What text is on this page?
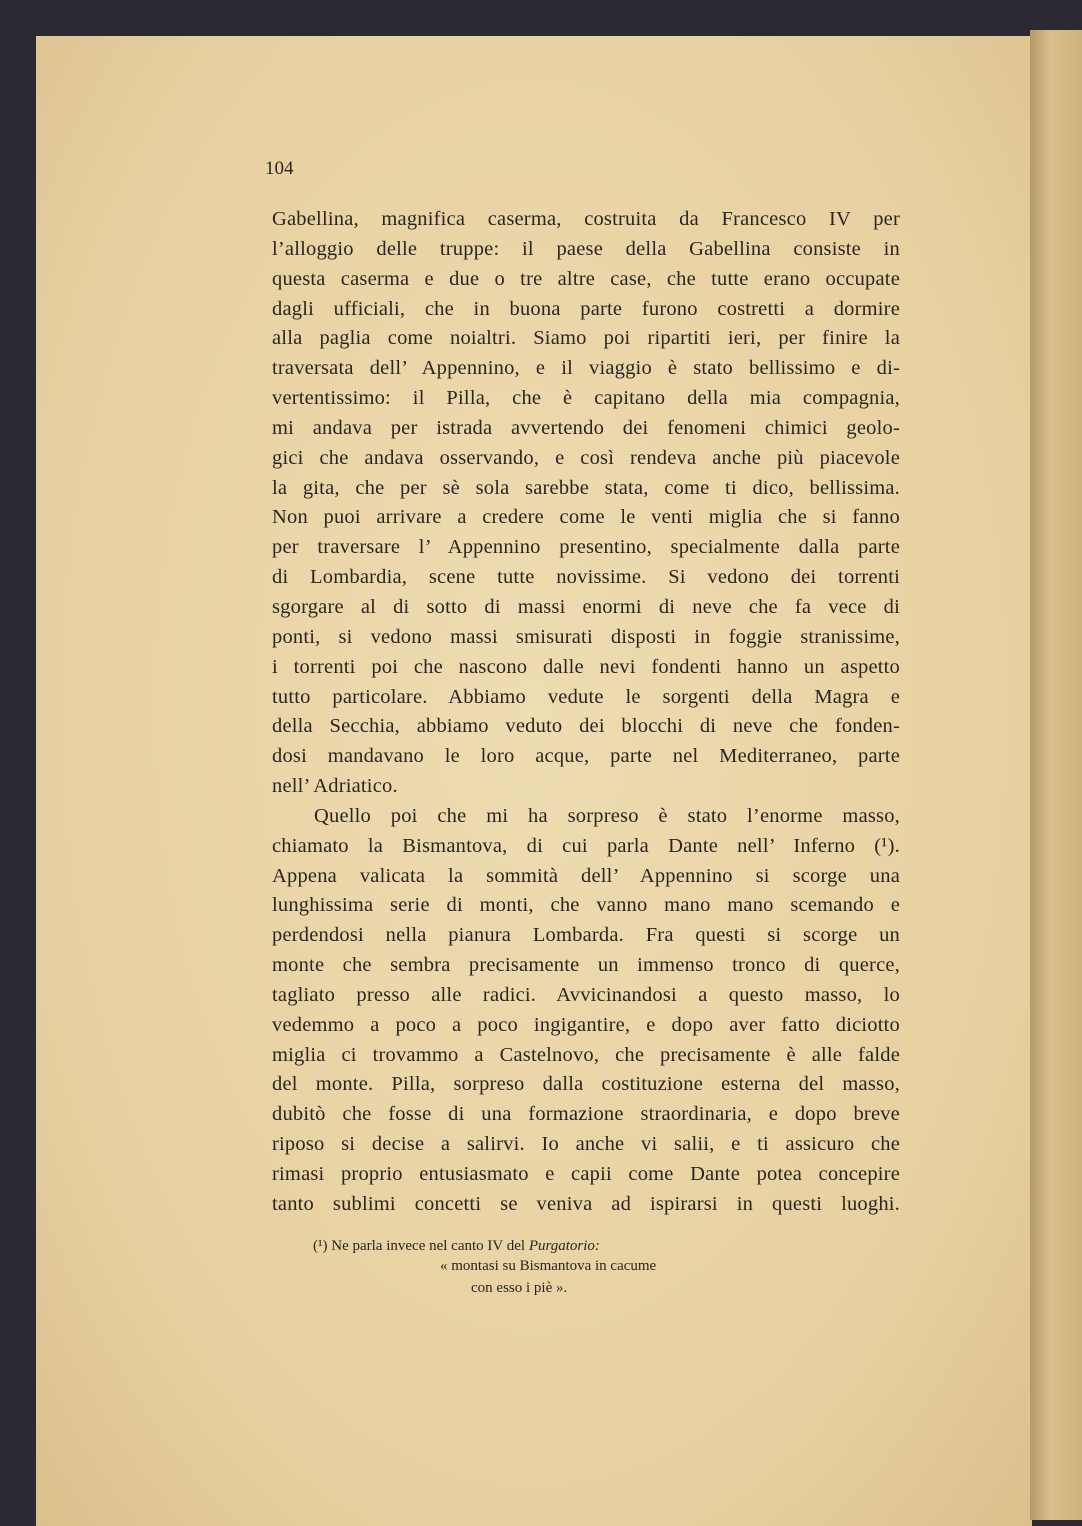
104
Gabellina, magnifica caserma, costruita da Francesco IV per
l’alloggio delle truppe: il paese della Gabellina consiste in
questa caserma e due o tre altre case, che tutte erano occupate
dagli ufficiali, che in buona parte furono costretti a dormire
alla paglia come noialtri. Siamo poi ripartiti ieri, per finire la
traversata dell’ Appennino, e il viaggio è stato bellissimo e di-
vertentissimo: il Pilla, che è capitano della mia compagnia,
mi andava per istrada avvertendo dei fenomeni chimici geolo-
gici che andava osservando, e così rendeva anche più piacevole
la gita, che per sè sola sarebbe stata, come ti dico, bellissima.
Non puoi arrivare a credere come le venti miglia che si fanno
per traversare l’ Appennino presentino, specialmente dalla parte
di Lombardia, scene tutte novissime. Si vedono dei torrenti
sgorgare al di sotto di massi enormi di neve che fa vece di
ponti, si vedono massi smisurati disposti in foggie stranissime,
i torrenti poi che nascono dalle nevi fondenti hanno un aspetto
tutto particolare. Abbiamo vedute le sorgenti della Magra e
della Secchia, abbiamo veduto dei blocchi di neve che fonden-
dosi mandavano le loro acque, parte nel Mediterraneo, parte
nell’ Adriatico.
Quello poi che mi ha sorpreso è stato l’enorme masso,
chiamato la Bismantova, di cui parla Dante nell’ Inferno (¹).
Appena valicata la sommità dell’ Appennino si scorge una
lunghissima serie di monti, che vanno mano mano scemando e
perdendosi nella pianura Lombarda. Fra questi si scorge un
monte che sembra precisamente un immenso tronco di querce,
tagliato presso alle radici. Avvicinandosi a questo masso, lo
vedemmo a poco a poco ingigantire, e dopo aver fatto diciotto
miglia ci trovammo a Castelnovo, che precisamente è alle falde
del monte. Pilla, sorpreso dalla costituzione esterna del masso,
dubitò che fosse di una formazione straordinaria, e dopo breve
riposo si decise a salirvi. Io anche vi salii, e ti assicuro che
rimasi proprio entusiasmato e capii come Dante potea concepire
tanto sublimi concetti se veniva ad ispirarsi in questi luoghi.
(¹) Ne parla invece nel canto IV del Purgatorio:
« montasi su Bismantova in cacume
con esso i piè ».
